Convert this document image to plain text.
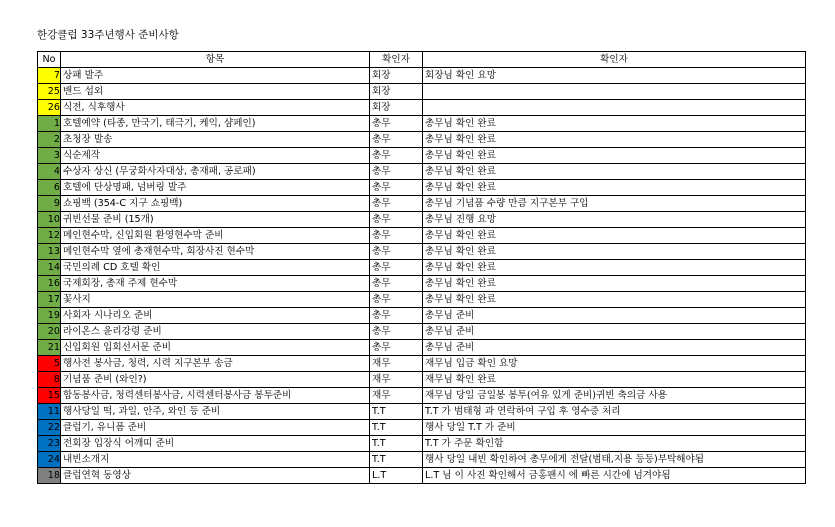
한강클럽 33주년행사 준비사항
No	항목	확인자	확인자
7	상패 발주	회장	회장님 확인 요망
25	밴드 섭외	회장	
26	식전, 식후행사	회장	
1	호텔예약 (타종, 만국기, 태극기, 케익, 샴페인)	총무	총무님 확인 완료
2	초청장 발송	총무	총무님 확인 완료
3	식순제작	총무	총무님 확인 완료
4	수상자 상신 (무궁화사자대상, 총재패, 공로패)	총무	총무님 확인 완료
6	호텔에 단상명패, 넘버링 발주	총무	총무님 확인 완료
9	쇼핑백 (354-C 지구 쇼핑백)	총무	총무님 기념품 수량 만큼 지구본부 구입
10	귀빈선물 준비 (15개)	총무	총무님 진행 요망
12	메인현수막, 신입회원 환영현수막 준비	총무	총무님 확인 완료
13	메인현수막 옆에 총재현수막, 회장사진 현수막	총무	총무님 확인 완료
14	국민의례 CD 호텔 확인	총무	총무님 확인 완료
16	국제회장, 총재 주제 현수막	총무	총무님 확인 완료
17	꽃사지	총무	총무님 확인 완료
19	사회자 시나리오 준비	총무	총무님 준비
20	라이온스 윤리강령 준비	총무	총무님 준비
21	신입회원 입회선서문 준비	총무	총무님 준비
5	행사전 봉사금, 청력, 시력 지구본부 송금	재무	재무님 입금 확인 요망
8	기념품 준비 (와인?)	재무	재무님 확인 완료
15	합동봉사금, 청력센터봉사금, 시력센터봉사금 봉투준비	재무	재무님 당일 금일봉 봉투(여유 있게 준비)귀빈 축의금 사용
11	행사당일 떡, 과일, 안주, 와인 등 준비	T.T	T.T 가 범태형 과 연락하여 구입 후 영수증 처리
22	클럽기, 유니폼 준비	T.T	행사 당일 T.T 가 준비
23	전회장 입장식 어깨띠 준비	T.T	T.T 가 주문 확인함
24	내빈소개지	T.T	행사 당일 내빈 확인하여 총무에게 전달(범태,지용 등등)부탁해야됨
18	클럽연혁 동영상	L.T	L.T 님 이 사진 확인해서 금홍팬시 에 빠른 시간에 넘겨야됨
